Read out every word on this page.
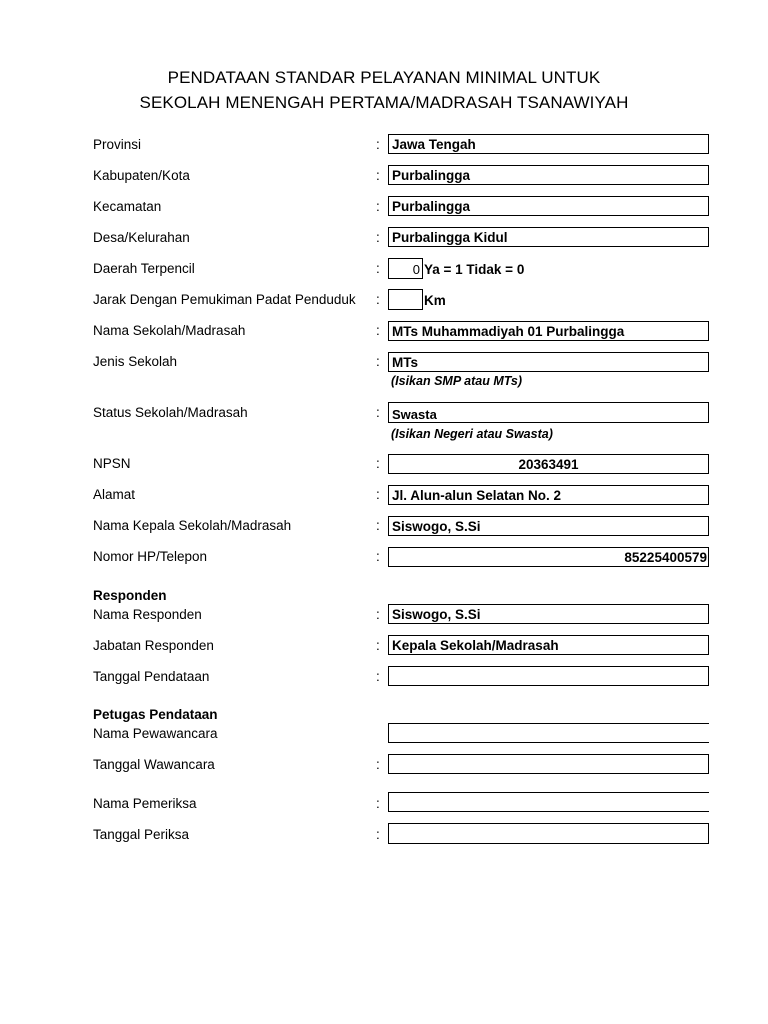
PENDATAAN STANDAR PELAYANAN MINIMAL UNTUK
SEKOLAH MENENGAH PERTAMA/MADRASAH TSANAWIYAH
Provinsi	: Jawa Tengah
Kabupaten/Kota	: Purbalingga
Kecamatan	: Purbalingga
Desa/Kelurahan	: Purbalingga Kidul
Daerah Terpencil	:	0 Ya = 1 Tidak = 0
Jarak Dengan Pemukiman Padat Penduduk :	Km
Nama Sekolah/Madrasah	: MTs Muhammadiyah 01 Purbalingga
Jenis Sekolah	: MTs
(Isikan SMP atau MTs)
Status Sekolah/Madrasah	: Swasta
(Isikan Negeri atau Swasta)
NPSN	:	20363491
Alamat	: Jl. Alun-alun Selatan No. 2
Nama Kepala Sekolah/Madrasah	: Siswogo, S.Si
Nomor HP/Telepon	:	85225400579
Responden
Nama Responden	: Siswogo, S.Si
Jabatan Responden	: Kepala Sekolah/Madrasah
Tanggal Pendataan	:
Petugas Pendataan
Nama Pewawancara
Tanggal Wawancara	:
Nama Pemeriksa	:
Tanggal Periksa	:
